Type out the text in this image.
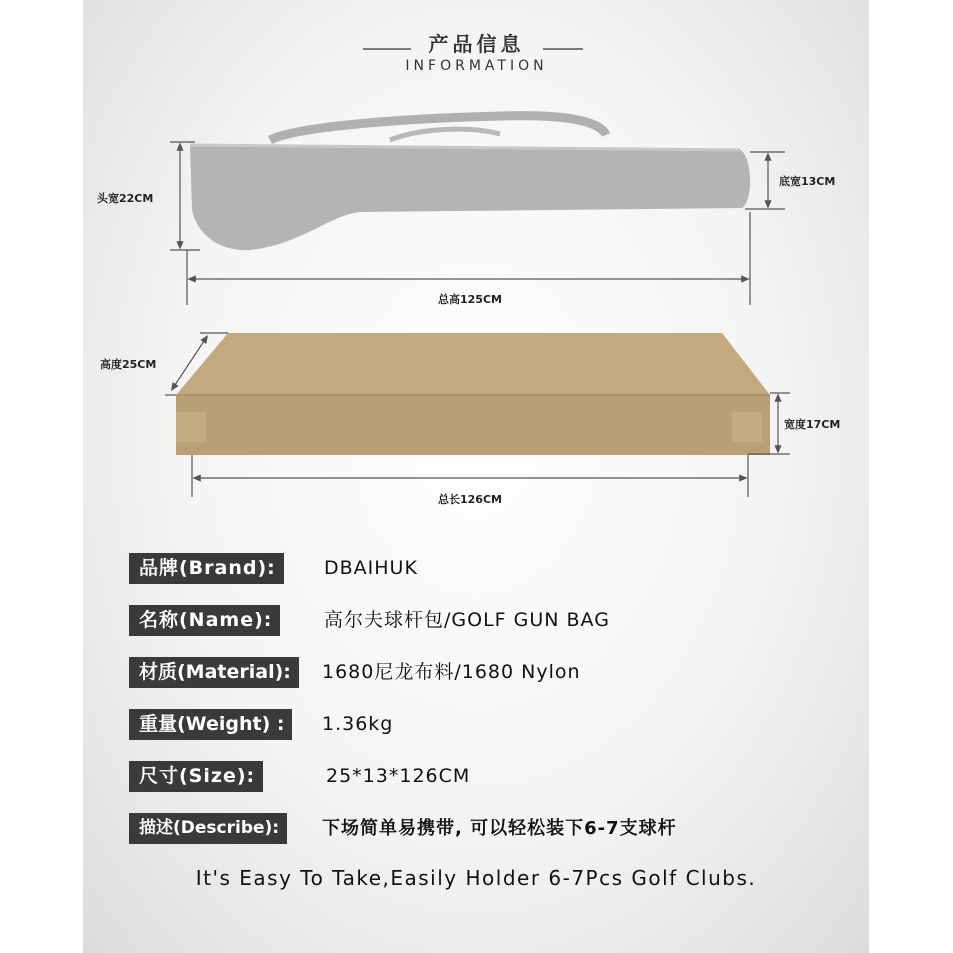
产品信息
INFORMATION
头宽22CM
底宽13CM
总高125CM
高度25CM
宽度17CM
总长126CM
品牌(Brand):	DBAIHUK
名称(Name):	高尔夫球杆包/GOLF GUN BAG
材质(Material):	1680尼龙布料/1680 Nylon
重量(Weight) :	1.36kg
尺寸(Size):	25*13*126CM
描述(Describe):	下场简单易携带, 可以轻松装下6-7支球杆
It's Easy To Take,Easily Holder 6-7Pcs Golf Clubs.
